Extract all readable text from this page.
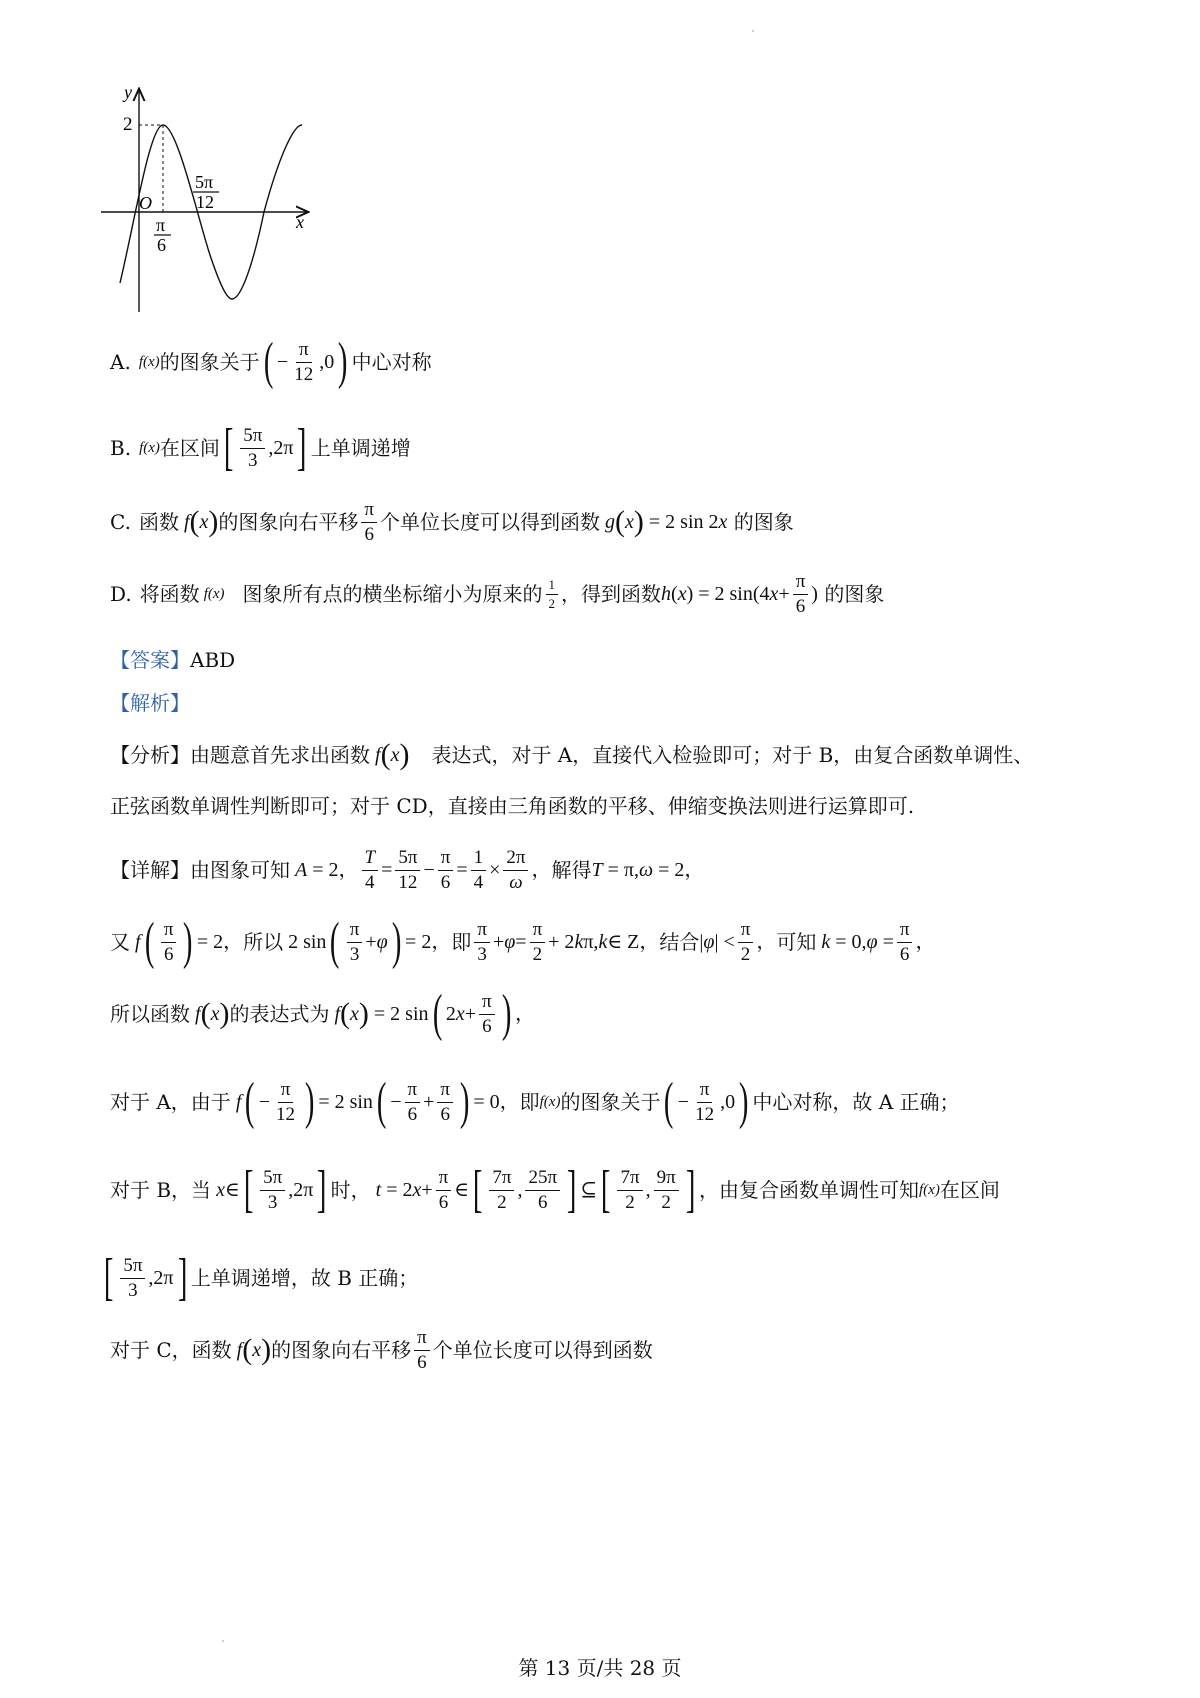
y
2
O
x
5π
12
π
6
A. f(x) 的图象关于 ( − $\frac{\pi}{12} ,0$ ) 中心对称
B. f(x) 在区间 [ $\frac{5\pi}{3} ,2\pi$ ] 上单调递增
C. 函数 f ( x ) 的图象向右平移 $\frac{\pi}{6}$ 个单位长度可以得到函数 g ( x ) = 2 sin 2 x
的图象
D. 将函数 f(x) 图象所有点的横坐标缩小为原来的 $\frac{1}{2}$ ，得到函数 h ( x ) = 2 sin(4 $x + \frac{\pi}{6}$ )
的图象
【答案】 ABD
【解析】
【分析】 由题意首先求出函数 f ( x ) 表达式，对于 A，直接代入检验即可；对于 B，由复合函数单调性、
正弦函数单调性判断即可；对于 CD，直接由三角函数的平移、伸缩变换法则进行运算即可.
【详解】 由图象可知 A = 2， $\frac{T}{4} = \frac{5\pi}{12} - \frac{\pi}{6} = \frac{1}{4} \times \frac{2\pi}{\omega}$ ， 解得 T = π, ω = 2，
又 f ( $\frac{\pi}{6}$ ) = 2， 所以 2 sin ( $\frac{\pi}{3} + \varphi$ ) = 2， 即 $\frac{\pi}{3} + \varphi = \frac{\pi}{2} + 2$ k π, k ∈ Z， 结合 | φ | < $\frac{\pi}{2}$ ， 可知 k = 0, $\varphi = \frac{\pi}{6}$ ，
所以函数 f ( x ) 的表达式为 f ( x ) = 2 sin ( 2 $x + \frac{\pi}{6}$ ) ，
对于 A，由于 f ( − $\frac{\pi}{12}$ ) = 2 sin ( − $\frac{\pi}{6} + \frac{\pi}{6}$ ) = 0， 即 f(x) 的图象关于 ( − $\frac{\pi}{12} ,0$ ) 中心对称，故 A 正确；
对于 B，当 x ∈ [ $\frac{5\pi}{3} ,2\pi$ ] 时， t = 2 $x + \frac{\pi}{6}$ ∈ [ $\frac{7\pi}{2}$ , $\frac{25\pi}{6}$ ] ⊆ [ $\frac{7\pi}{2}$ , $\frac{9\pi}{2}$ ] ，由复合函数单调性可知 f(x) 在区间
[ $\frac{5\pi}{3} ,2\pi$ ] 上单调递增，故 B 正确；
对于 C，函数 f ( x ) 的图象向右平移 $\frac{\pi}{6}$ 个单位长度可以得到函数
第 13 页/共 28 页
